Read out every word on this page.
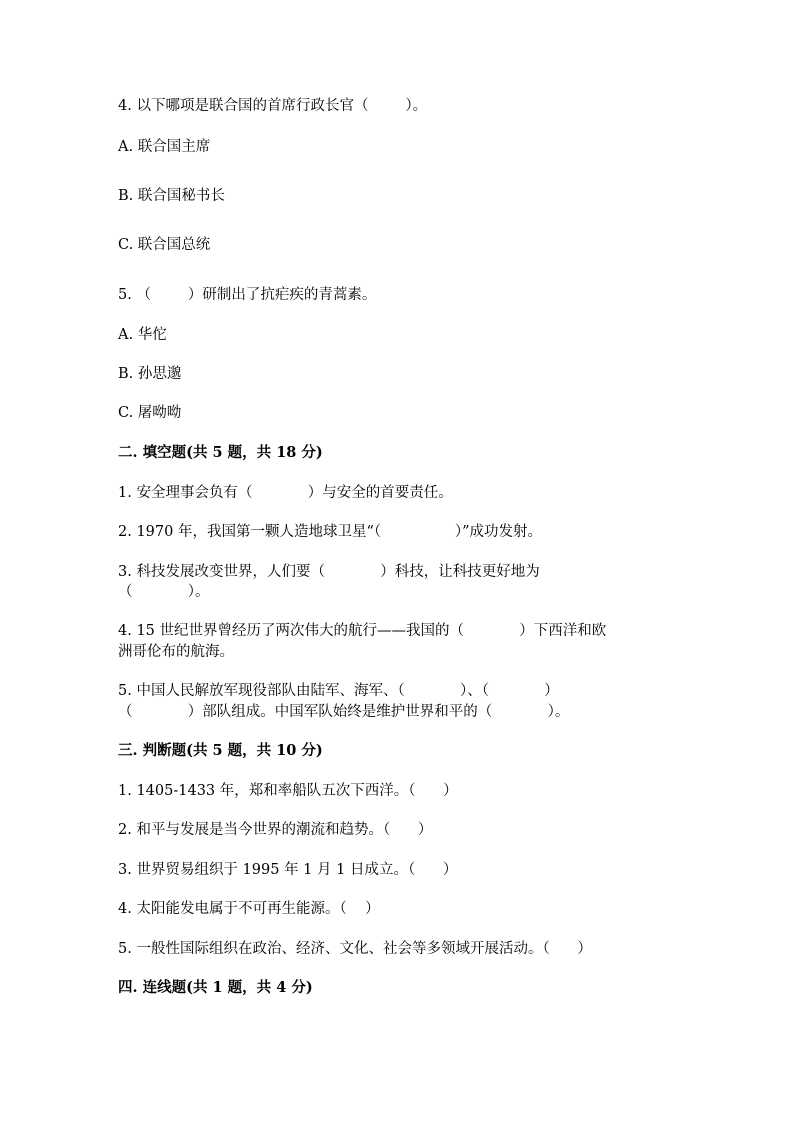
4. 以下哪项是联合国的首席行政长官（        ）。
A. 联合国主席
B. 联合国秘书长
C. 联合国总统
5. （        ）研制出了抗疟疾的青蒿素。
A. 华佗
B. 孙思邈
C. 屠呦呦
二. 填空题(共 5 题，共 18 分)
1. 安全理事会负有（            ）与安全的首要责任。
2. 1970 年，我国第一颗人造地球卫星“（                ）”成功发射。
3. 科技发展改变世界，人们要（            ）科技，让科技更好地为
（            ）。
4. 15 世纪世界曾经历了两次伟大的航行——我国的（            ）下西洋和欧
洲哥伦布的航海。
5. 中国人民解放军现役部队由陆军、海军、（            ）、（            ）
（            ）部队组成。中国军队始终是维护世界和平的（            ）。
三. 判断题(共 5 题，共 10 分)
1. 1405-1433 年，郑和率船队五次下西洋。（      ）
2. 和平与发展是当今世界的潮流和趋势。（      ）
3. 世界贸易组织于 1995 年 1 月 1 日成立。（      ）
4. 太阳能发电属于不可再生能源。（    ）
5. 一般性国际组织在政治、经济、文化、社会等多领域开展活动。（      ）
四. 连线题(共 1 题，共 4 分)
